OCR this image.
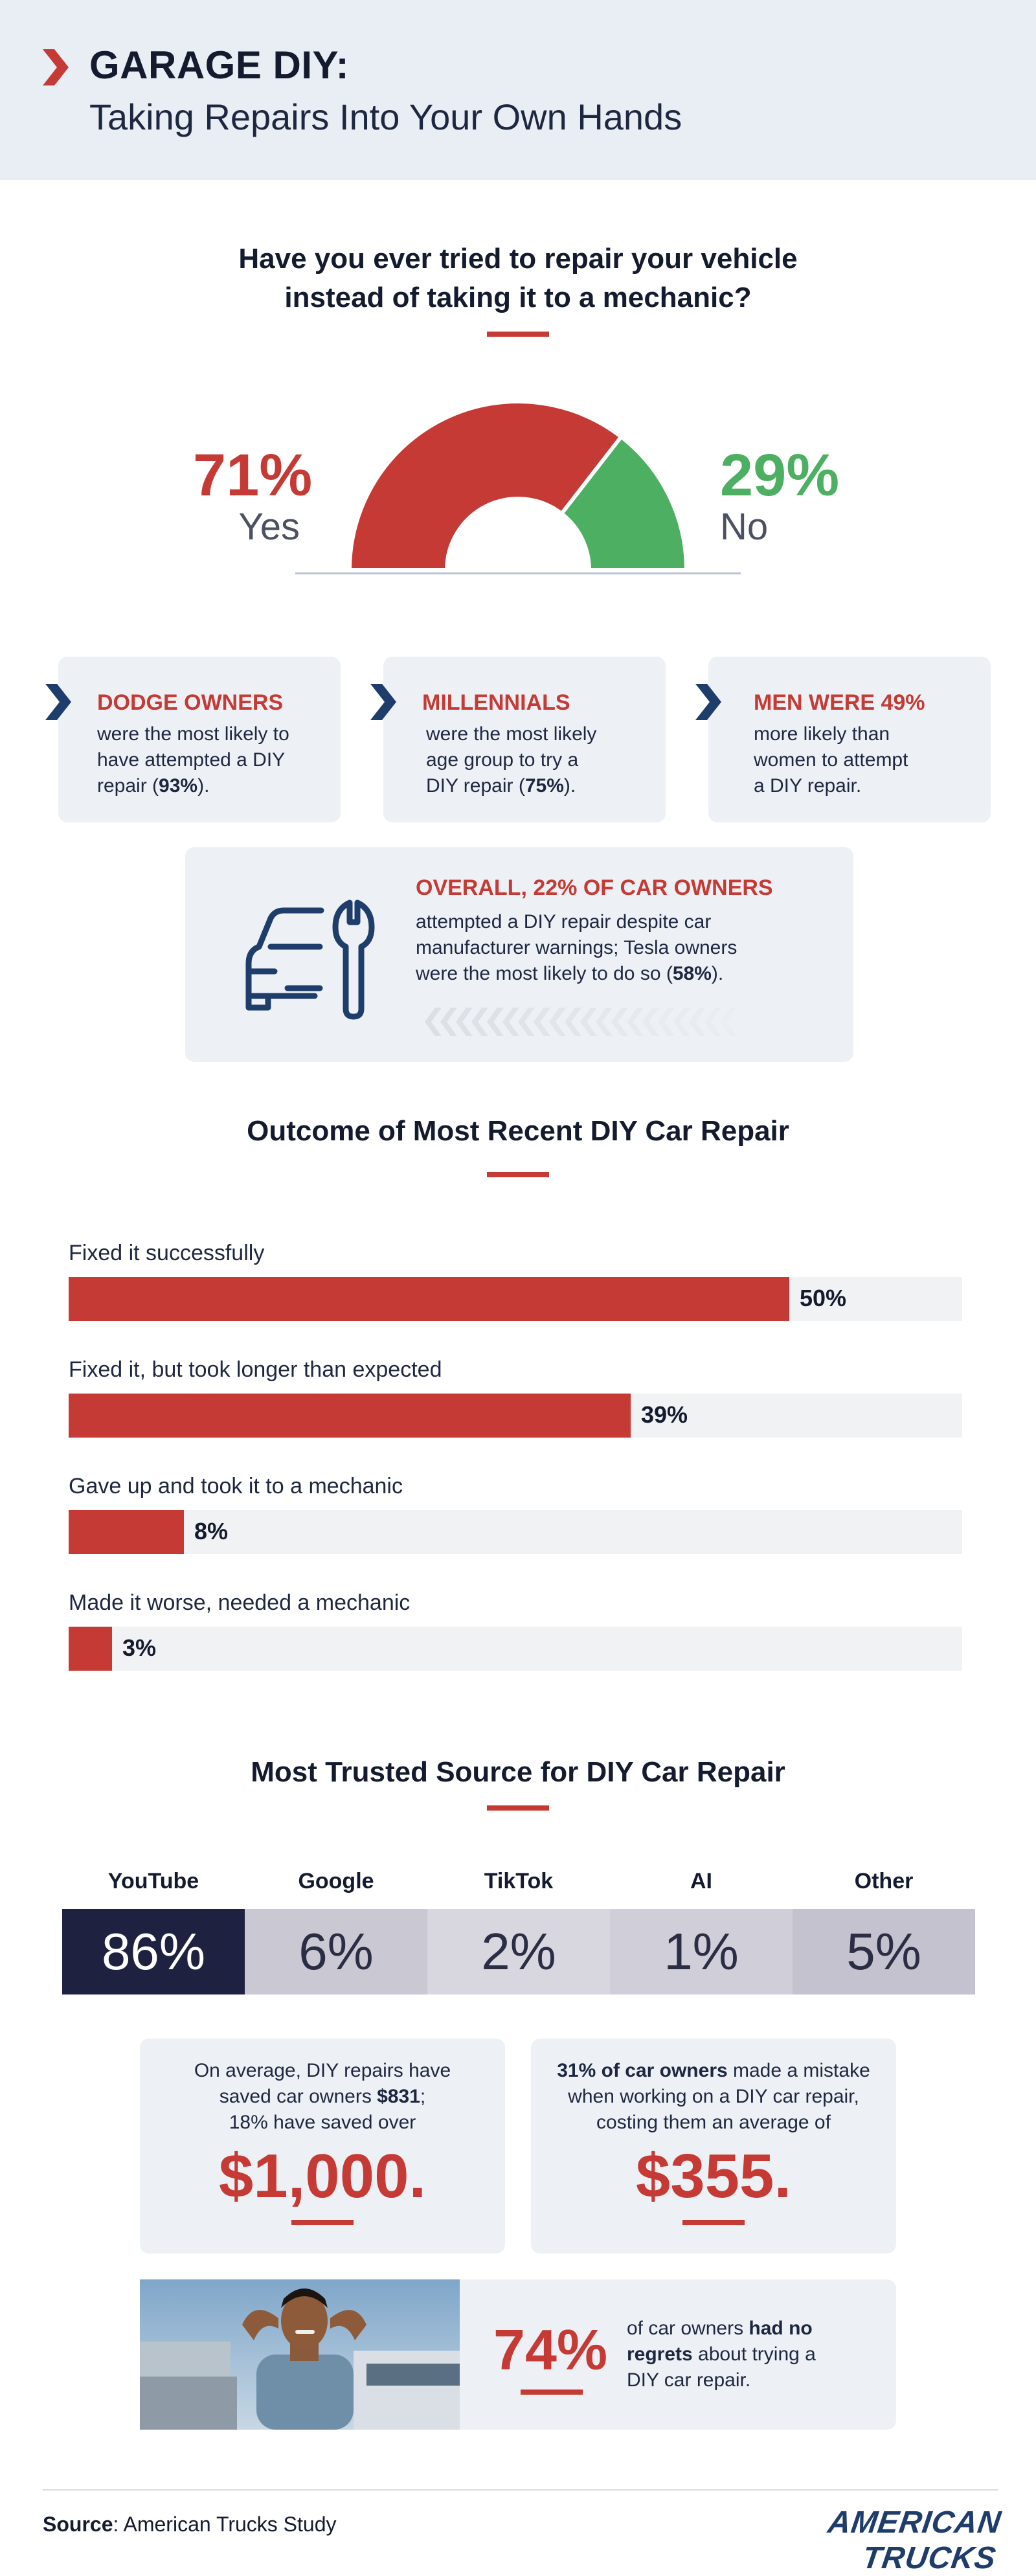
GARAGE DIY:
Taking Repairs Into Your Own Hands
Have you ever tried to repair your vehicle
instead of taking it to a mechanic?
71%
Yes
29%
No
DODGE OWNERS
were the most likely to
have attempted a DIY
repair (93%).
MILLENNIALS
were the most likely
age group to try a
DIY repair (75%).
MEN WERE 49%
more likely than
women to attempt
a DIY repair.
OVERALL, 22% OF CAR OWNERS
attempted a DIY repair despite car
manufacturer warnings; Tesla owners
were the most likely to do so (58%).
Outcome of Most Recent DIY Car Repair
Fixed it successfully
50%
Fixed it, but took longer than expected
39%
Gave up and took it to a mechanic
8%
Made it worse, needed a mechanic
3%
Most Trusted Source for DIY Car Repair
YouTube
86%
Google
6%
TikTok
2%
AI
1%
Other
5%
On average, DIY repairs have
saved car owners $831;
18% have saved over
$1,000.
31% of car owners made a mistake
when working on a DIY car repair,
costing them an average of
$355.
74% of car owners had no
regrets about trying a
DIY car repair.
Source: American Trucks Study	AMERICAN TRUCKS
